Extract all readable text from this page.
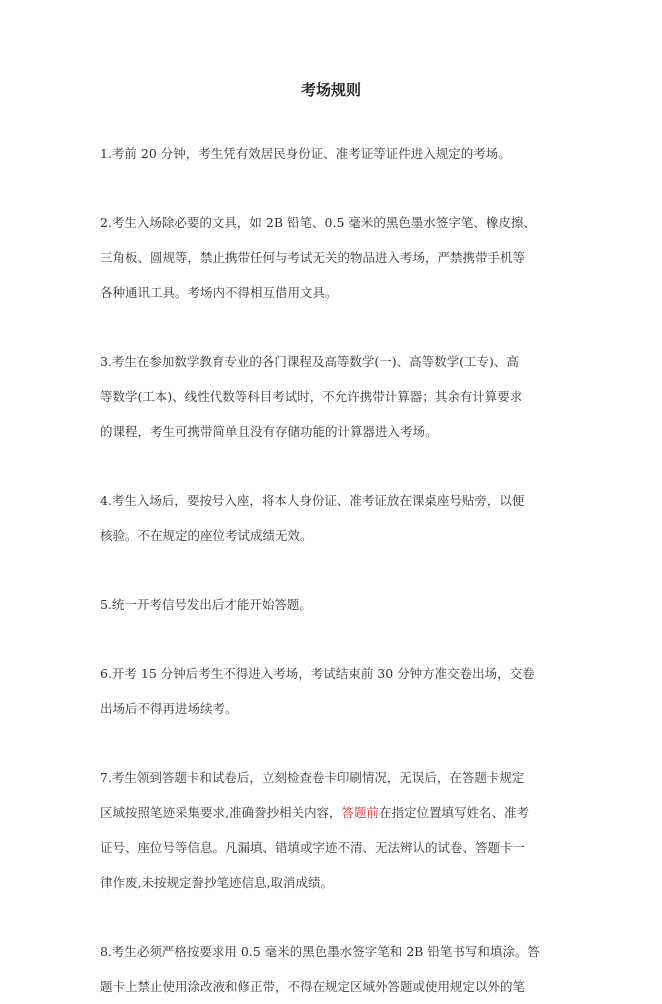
考场规则
1.考前 20 分钟，考生凭有效居民身份证、准考证等证件进入规定的考场。
2.考生入场除必要的文具，如 2B 铅笔、0.5 毫米的黑色墨水签字笔、橡皮擦、
三角板、圆规等，禁止携带任何与考试无关的物品进入考场，严禁携带手机等
各种通讯工具。考场内不得相互借用文具。
3.考生在参加数学教育专业的各门课程及高等数学(一)、高等数学(工专)、高
等数学(工本)、线性代数等科目考试时，不允许携带计算器；其余有计算要求
的课程，考生可携带简单且没有存储功能的计算器进入考场。
4.考生入场后，要按号入座，将本人身份证、准考证放在课桌座号贴旁，以便
核验。不在规定的座位考试成绩无效。
5.统一开考信号发出后才能开始答题。
6.开考 15 分钟后考生不得进入考场，考试结束前 30 分钟方准交卷出场，交卷
出场后不得再进场续考。
7.考生领到答题卡和试卷后，立刻检查卷卡印刷情况，无误后，在答题卡规定
区域按照笔迹采集要求,准确誊抄相关内容，答题前在指定位置填写姓名、准考
证号、座位号等信息。凡漏填、错填或字迹不清、无法辨认的试卷、答题卡一
律作废,未按规定誊抄笔迹信息,取消成绩。
8.考生必须严格按要求用 0.5 毫米的黑色墨水签字笔和 2B 铅笔书写和填涂。答
题卡上禁止使用涂改液和修正带，不得在规定区域外答题或使用规定以外的笔
